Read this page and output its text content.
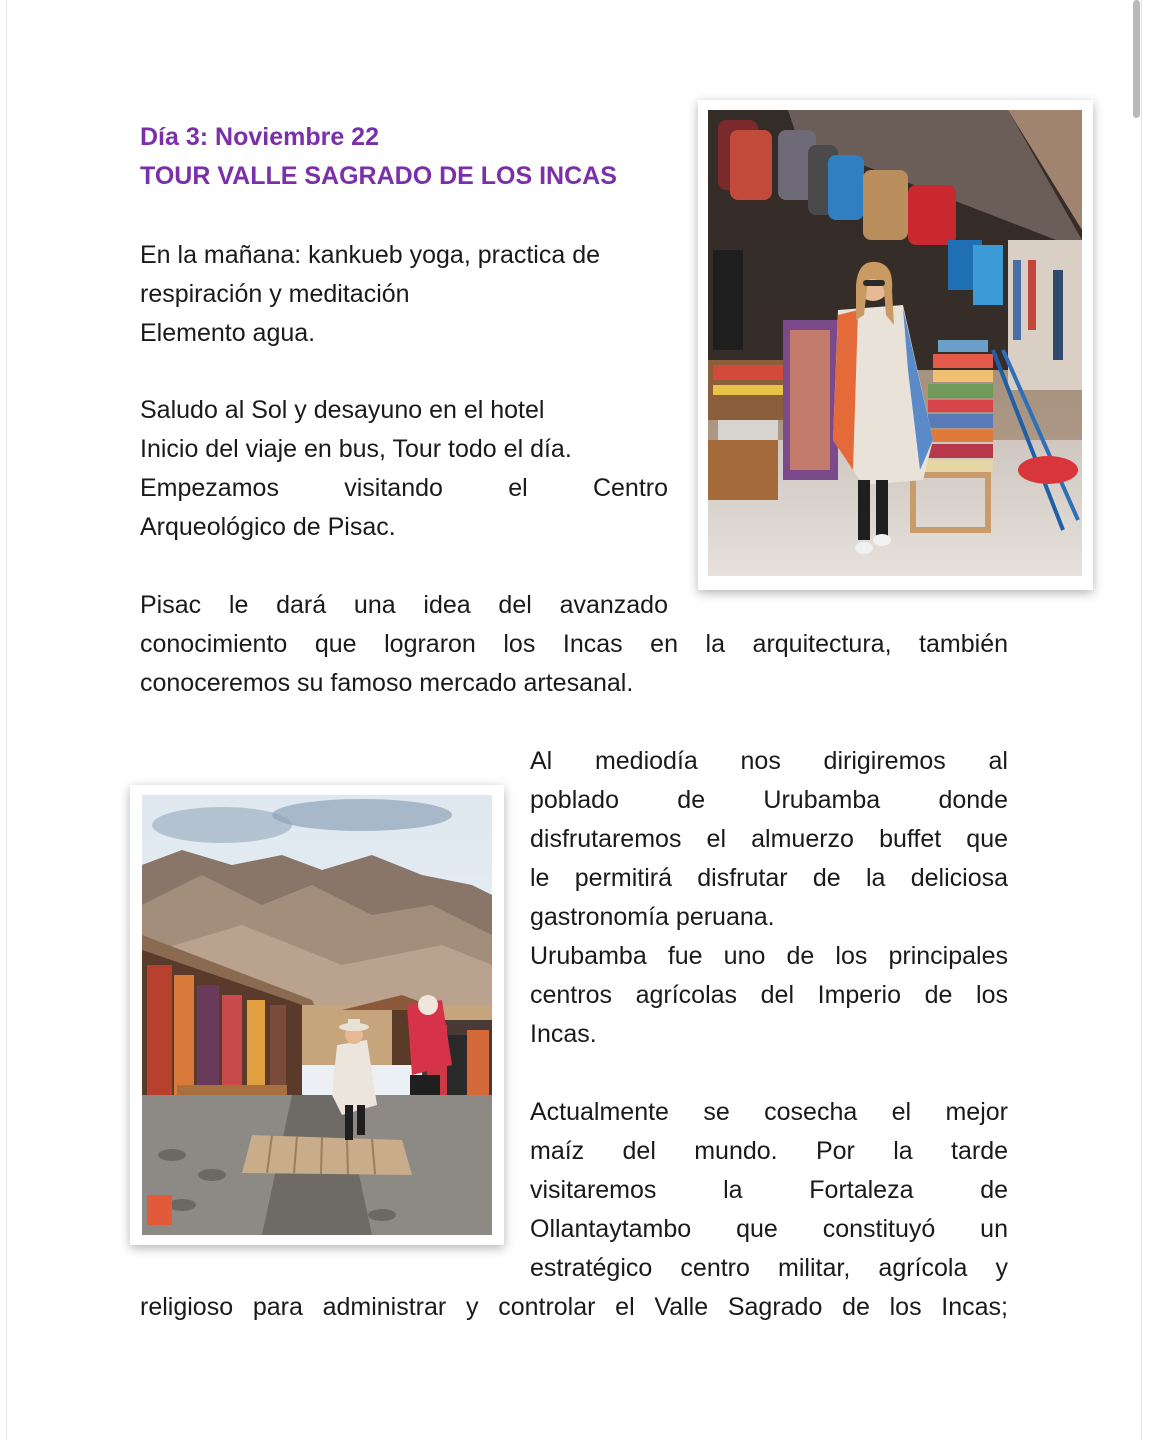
Día 3: Noviembre 22
TOUR VALLE SAGRADO DE LOS INCAS

En la mañana: kankueb yoga, practica de

respiración y meditación

Elemento agua.

Saludo al Sol y desayuno en el hotel

Inicio del viaje en bus, Tour todo el día.

Empezamos visitando el Centro

Arqueológico de Pisac.

Pisac le dará una idea del avanzado

conocimiento que lograron los Incas en la arquitectura, también

conoceremos su famoso mercado artesanal.

Al mediodía nos dirigiremos al

poblado de Urubamba donde

disfrutaremos el almuerzo buffet que

le permitirá disfrutar de la deliciosa

gastronomía peruana.

Urubamba fue uno de los principales

centros agrícolas del Imperio de los

Incas.

Actualmente se cosecha el mejor

maíz del mundo. Por la tarde

visitaremos la Fortaleza de

Ollantaytambo que constituyó un

estratégico centro militar, agrícola y

religioso para administrar y controlar el Valle Sagrado de los Incas;
